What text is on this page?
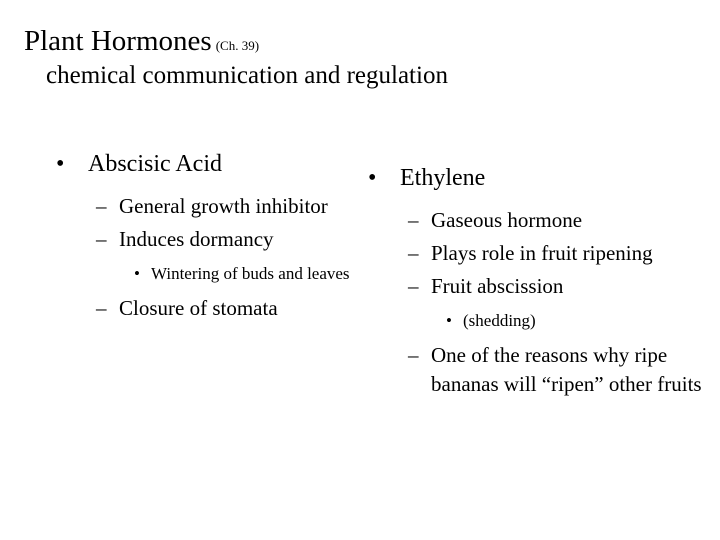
Plant Hormones (Ch. 39)
chemical communication and regulation
• Abscisic Acid
– General growth inhibitor
– Induces dormancy
• Wintering of buds and leaves
– Closure of stomata
• Ethylene
– Gaseous hormone
– Plays role in fruit ripening
– Fruit abscission
• (shedding)
– One of the reasons why ripe bananas will “ripen” other fruits
